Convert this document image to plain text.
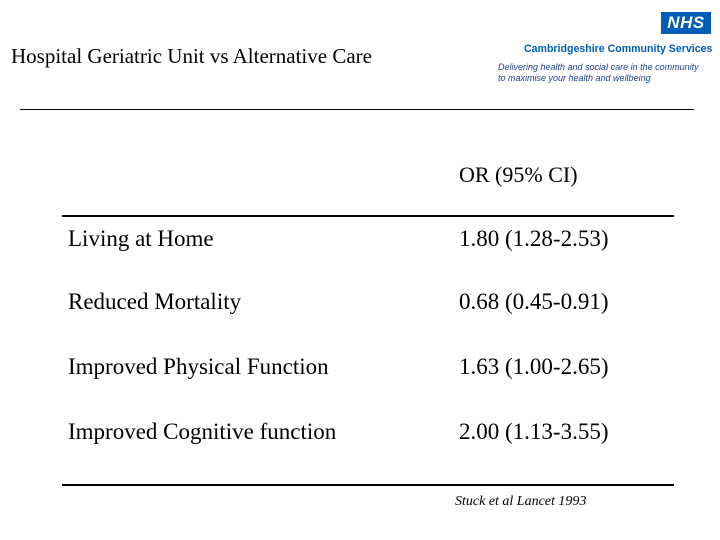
Hospital Geriatric Unit vs Alternative Care
NHS
Cambridgeshire Community Services
Delivering health and social care in the community
to maximise your health and wellbeing
OR (95% CI)
Living at Home	1.80 (1.28-2.53)
Reduced Mortality	0.68 (0.45-0.91)
Improved Physical Function	1.63 (1.00-2.65)
Improved Cognitive function	2.00 (1.13-3.55)
Stuck et al Lancet 1993
